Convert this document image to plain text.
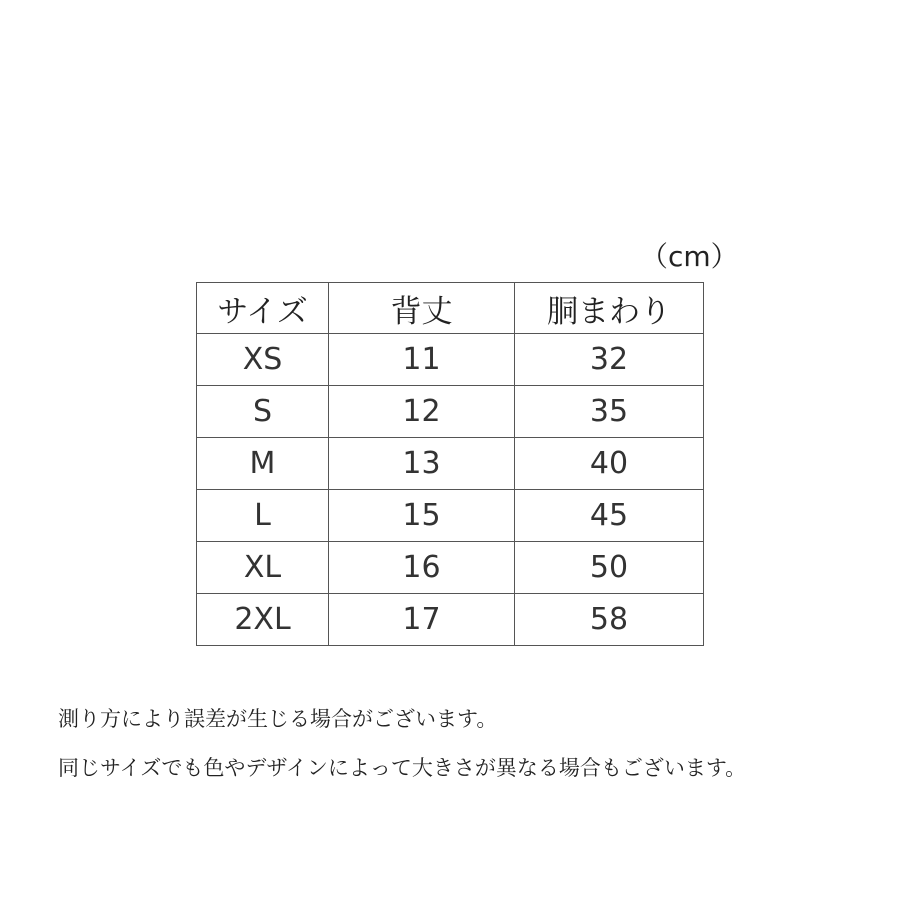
（cm）
サイズ	背丈	胴まわり
XS	11	32
S	12	35
M	13	40
L	15	45
XL	16	50
2XL	17	58
測り方により誤差が生じる場合がございます。
同じサイズでも色やデザインによって大きさが異なる場合もございます。
